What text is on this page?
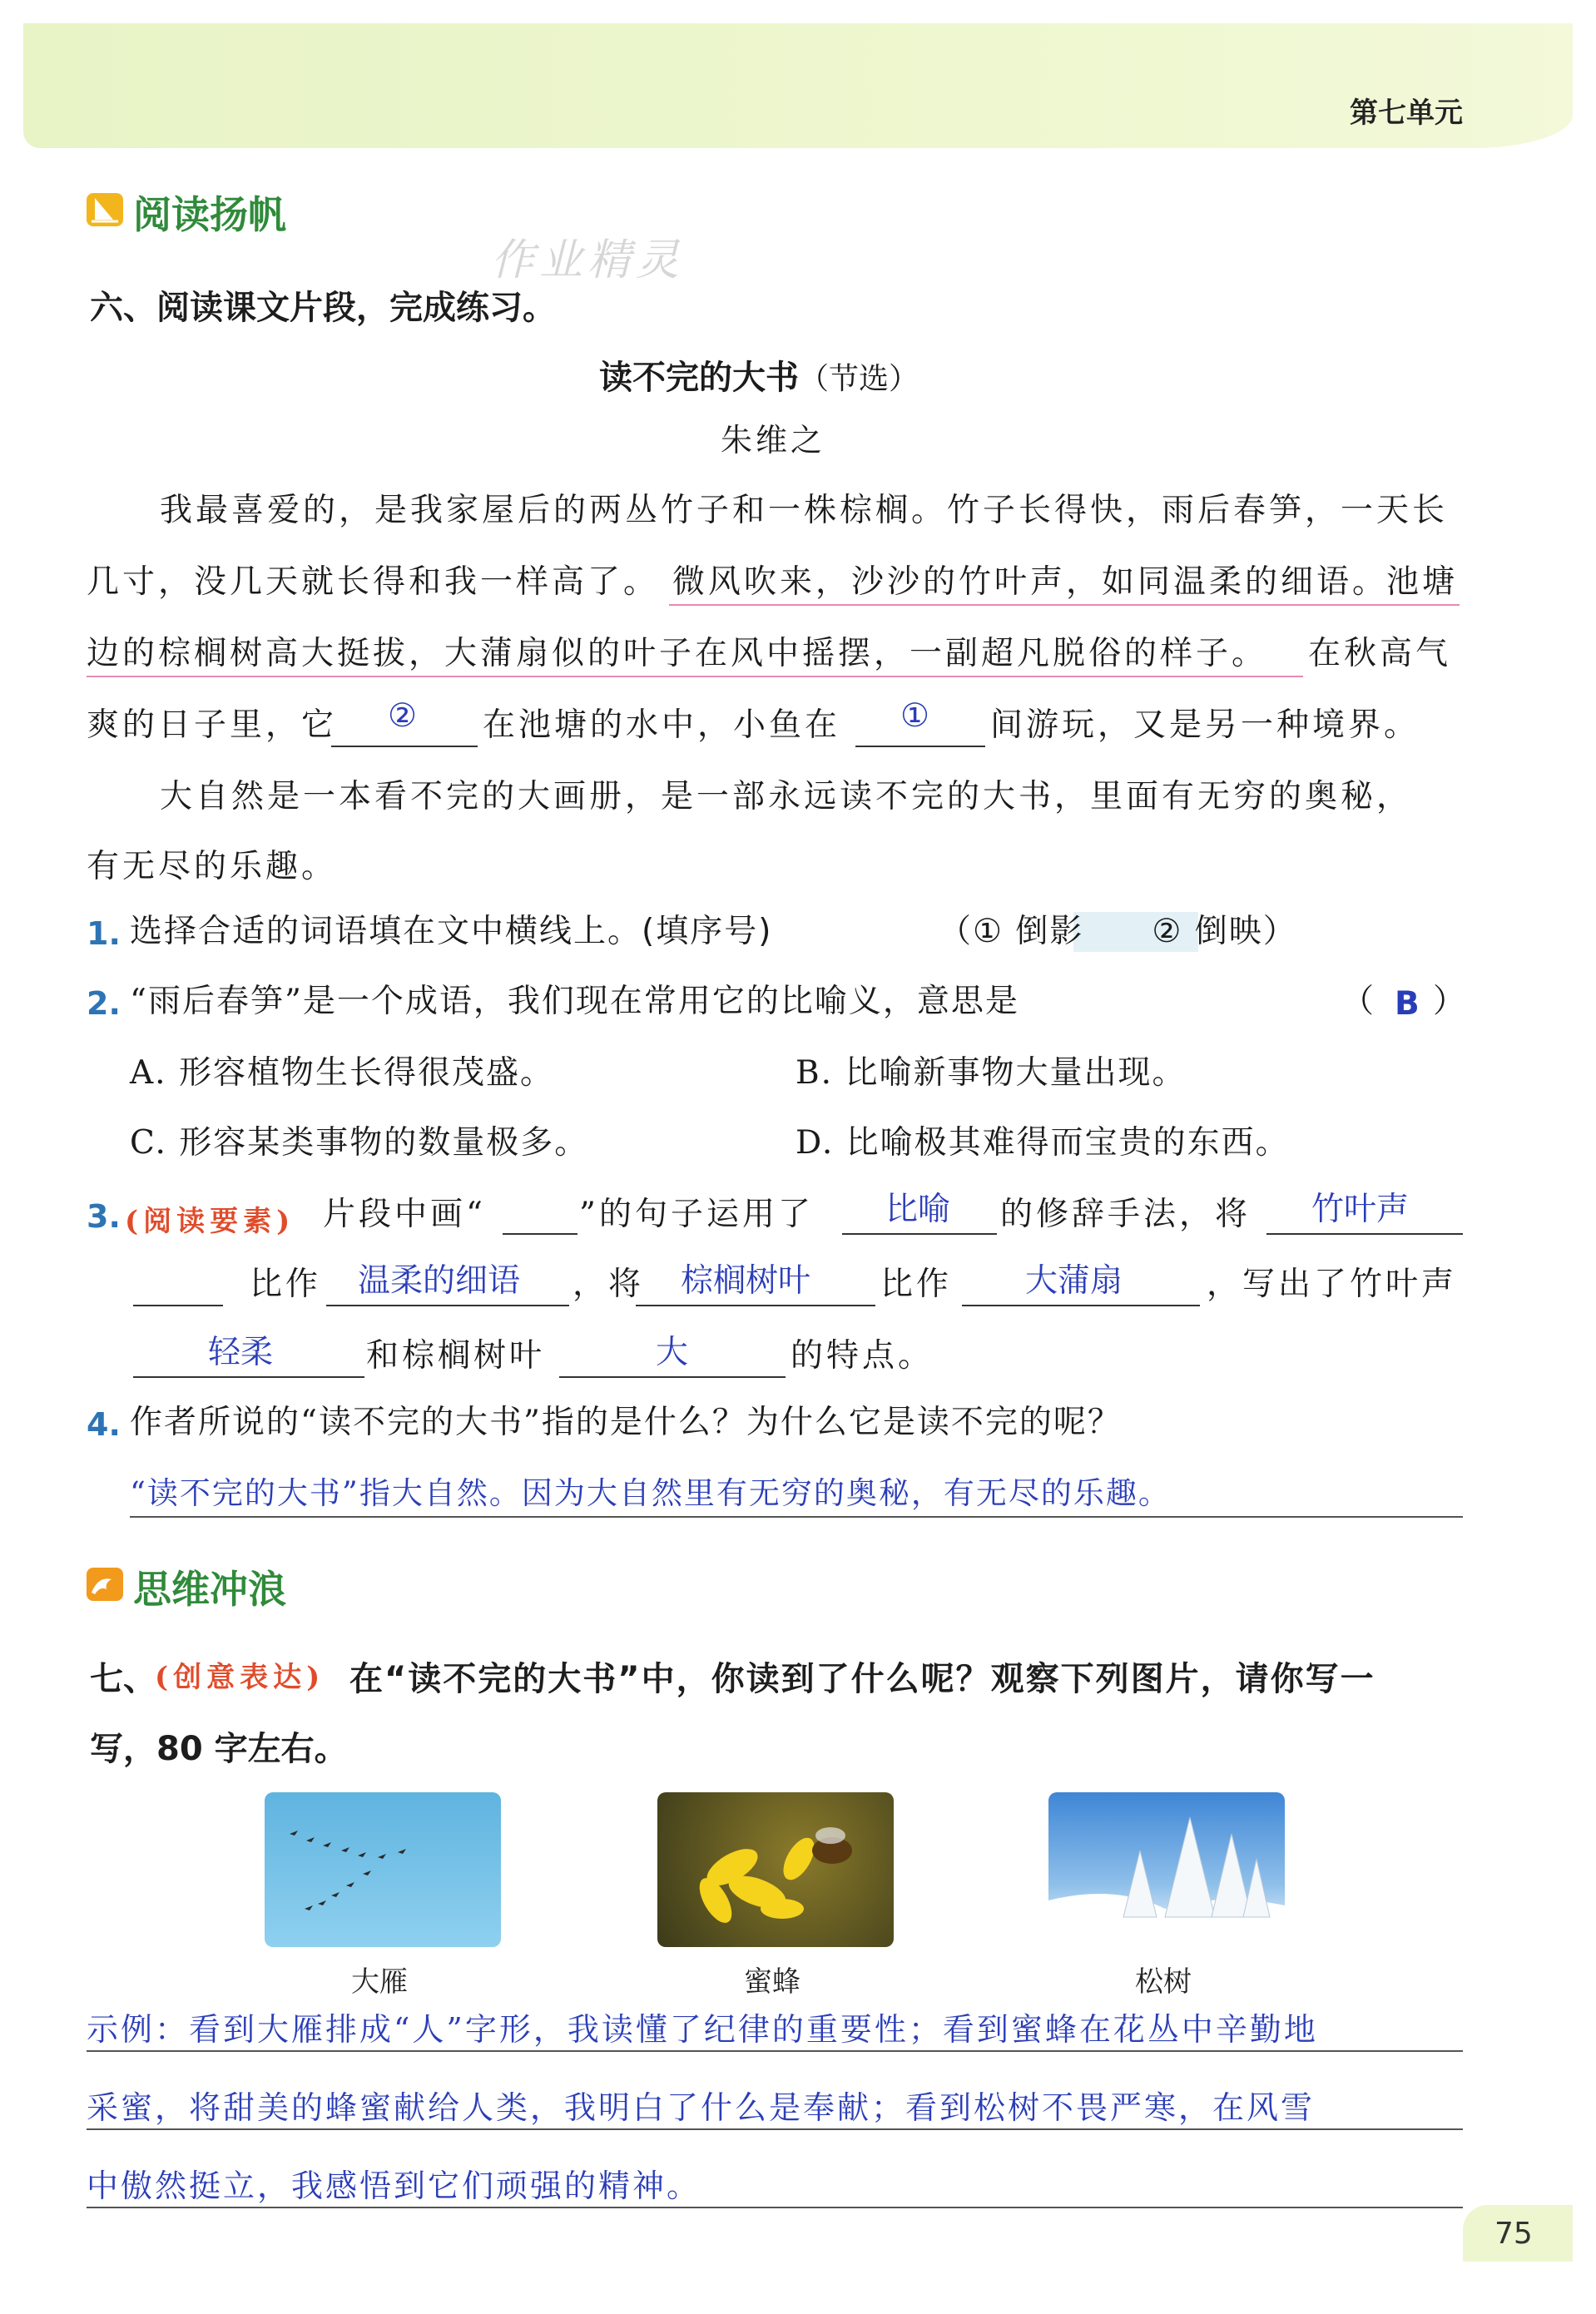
第七单元
阅读扬帆
作业精灵
六、阅读课文片段，完成练习。
读不完的大书（节选）
朱维之
我最喜爱的，是我家屋后的两丛竹子和一株棕榈。竹子长得快，雨后春笋，一天长
几寸，没几天就长得和我一样高了。 微风吹来，沙沙的竹叶声，如同温柔的细语。
池塘
边的棕榈树高大挺拔，大蒲扇似的叶子在风中摇摆，一副超凡脱俗的样子。 在秋高气
爽的日子里，它 ② 在池塘的水中，小鱼在 ① 间游玩，又是另一种境界。
大自然是一本看不完的大画册，是一部永远读不完的大书，里面有无穷的奥秘，
有无尽的乐趣。
1. 选择合适的词语填在文中横线上。(填序号)	（① 倒影　　② 倒映）
2. “雨后春笋”是一个成语，我们现在常用它的比喻义，意思是	（ B ）
A. 形容植物生长得很茂盛。	B. 比喻新事物大量出现。
C. 形容某类事物的数量极多。	D. 比喻极其难得而宝贵的东西。
3. (阅读要素) 片段中画“	”的句子运用了 比喻 的修辞手法，将 竹叶声
比作 温柔的细语 ，将 棕榈树叶 比作 大蒲扇	，写出了竹叶声
轻柔	和棕榈树叶	大	的特点。
4. 作者所说的“读不完的大书”指的是什么？为什么它是读不完的呢？
“读不完的大书”指大自然。因为大自然里有无穷的奥秘，有无尽的乐趣。
思维冲浪
七、
(创意表达) 在“读不完的大书”中，你读到了什么呢？观察下列图片，请你写一
写，80 字左右。
大雁	蜜蜂	松树
示例：看到大雁排成“人”字形，我读懂了纪律的重要性；看到蜜蜂在花丛中辛勤地
采蜜，将甜美的蜂蜜献给人类，我明白了什么是奉献；看到松树不畏严寒，在风雪
中傲然挺立，我感悟到它们顽强的精神。
75
